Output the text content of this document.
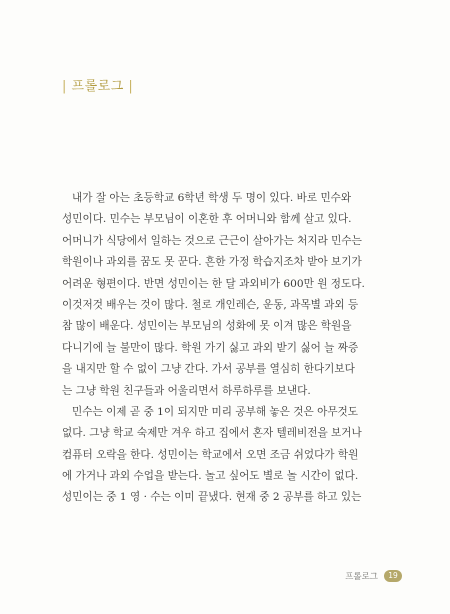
| 프롤로그 |
내가 잘 아는 초등학교 6학년 학생 두 명이 있다. 바로 민수와
성민이다. 민수는 부모님이 이혼한 후 어머니와 함께 살고 있다.
어머니가 식당에서 일하는 것으로 근근이 살아가는 처지라 민수는
학원이나 과외를 꿈도 못 꾼다. 흔한 가정 학습지조차 받아 보기가
어려운 형편이다. 반면 성민이는 한 달 과외비가 600만 원 정도다.
이것저것 배우는 것이 많다. 철로 개인레슨, 운동, 과목별 과외 등
참 많이 배운다. 성민이는 부모님의 성화에 못 이겨 많은 학원을
다니기에 늘 불만이 많다. 학원 가기 싫고 과외 받기 싫어 늘 짜증
을 내지만 할 수 없이 그냥 간다. 가서 공부를 열심히 한다기보다
는 그냥 학원 친구들과 어울리면서 하루하루를 보낸다.
민수는 이제 곧 중 1이 되지만 미리 공부해 놓은 것은 아무것도
없다. 그냥 학교 숙제만 겨우 하고 집에서 혼자 텔레비전을 보거나
컴퓨터 오락을 한다. 성민이는 학교에서 오면 조금 쉬었다가 학원
에 가거나 과외 수업을 받는다. 놀고 싶어도 별로 놀 시간이 없다.
성민이는 중 1 영 · 수는 이미 끝냈다. 현재 중 2 공부를 하고 있는
프롤로그	19
